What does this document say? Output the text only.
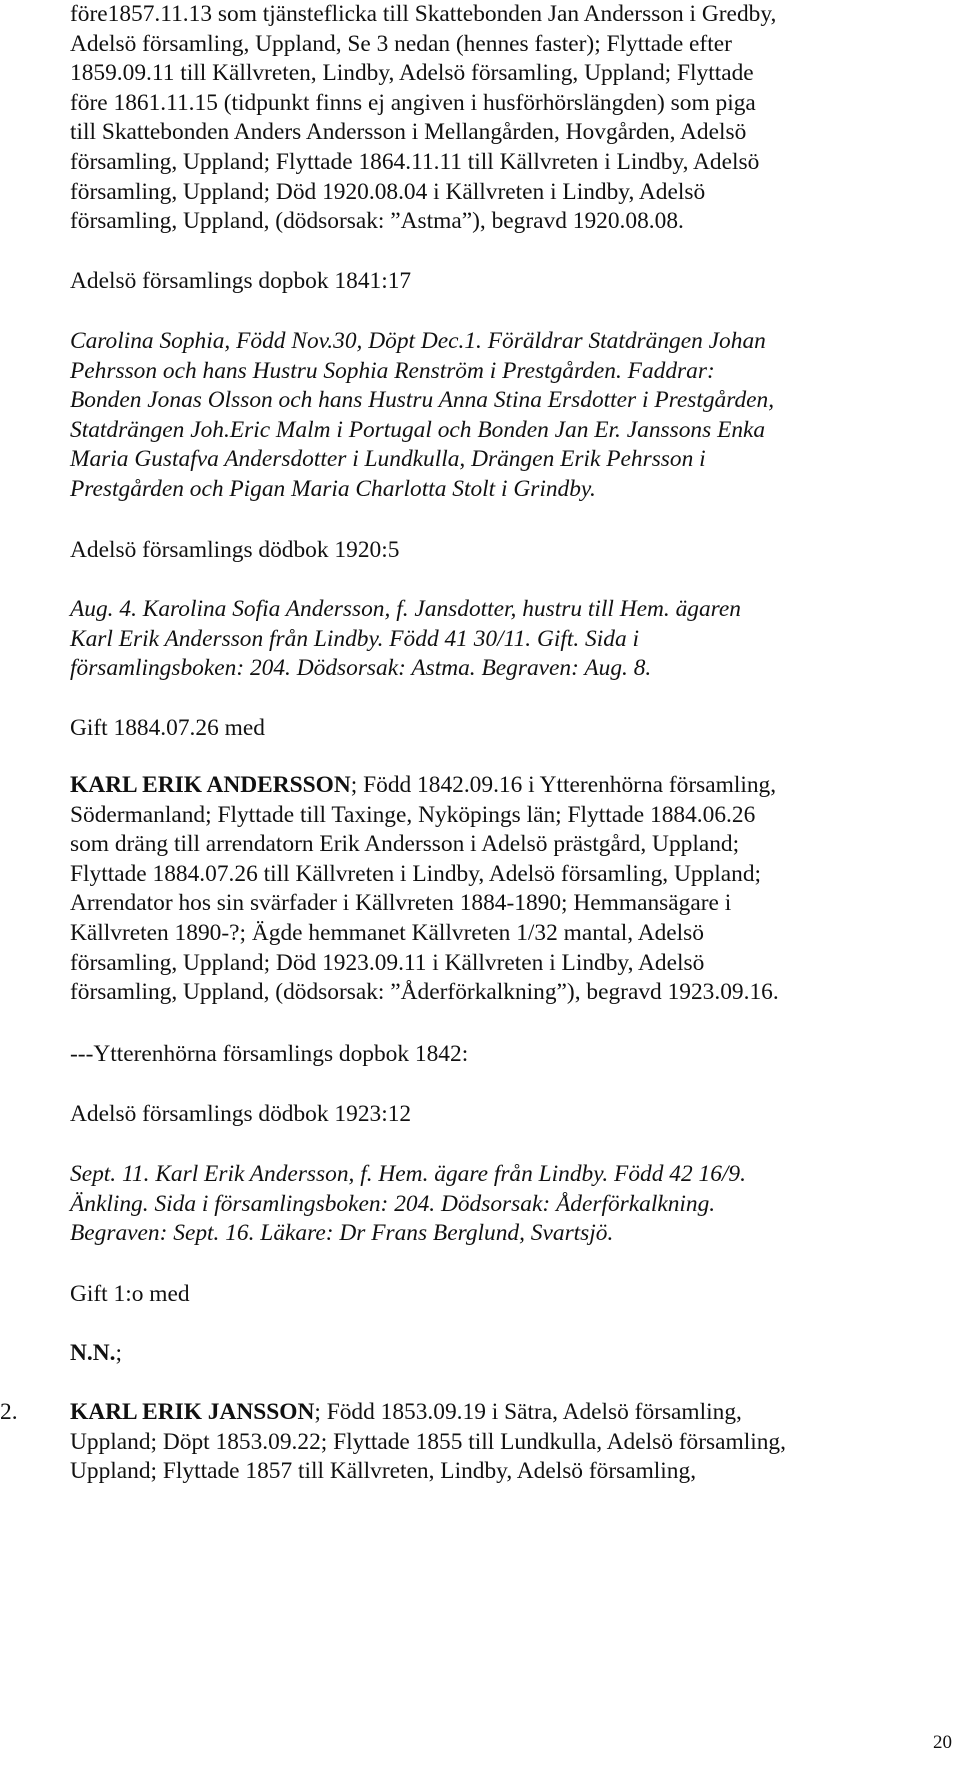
före1857.11.13 som tjänsteflicka till Skattebonden Jan Andersson i Gredby,
Adelsö församling, Uppland, Se 3 nedan (hennes faster); Flyttade efter
1859.09.11 till Källvreten, Lindby, Adelsö församling, Uppland; Flyttade
före 1861.11.15 (tidpunkt finns ej angiven i husförhörslängden) som piga
till Skattebonden Anders Andersson i Mellangården, Hovgården, Adelsö
församling, Uppland; Flyttade 1864.11.11 till Källvreten i Lindby, Adelsö
församling, Uppland; Död 1920.08.04 i Källvreten i Lindby, Adelsö
församling, Uppland, (dödsorsak: ”Astma”), begravd 1920.08.08.

Adelsö församlings dopbok 1841:17

Carolina Sophia, Född Nov.30, Döpt Dec.1. Föräldrar Statdrängen Johan
Pehrsson och hans Hustru Sophia Renström i Prestgården. Faddrar:
Bonden Jonas Olsson och hans Hustru Anna Stina Ersdotter i Prestgården,
Statdrängen Joh.Eric Malm i Portugal och Bonden Jan Er. Janssons Enka
Maria Gustafva Andersdotter i Lundkulla, Drängen Erik Pehrsson i
Prestgården och Pigan Maria Charlotta Stolt i Grindby.

Adelsö församlings dödbok 1920:5

Aug. 4. Karolina Sofia Andersson, f. Jansdotter, hustru till Hem. ägaren
Karl Erik Andersson från Lindby. Född 41 30/11. Gift. Sida i
församlingsboken: 204. Dödsorsak: Astma. Begraven: Aug. 8.

Gift 1884.07.26 med

KARL ERIK ANDERSSON; Född 1842.09.16 i Ytterenhörna församling,
Södermanland; Flyttade till Taxinge, Nyköpings län; Flyttade 1884.06.26
som dräng till arrendatorn Erik Andersson i Adelsö prästgård, Uppland;
Flyttade 1884.07.26 till Källvreten i Lindby, Adelsö församling, Uppland;
Arrendator hos sin svärfader i Källvreten 1884-1890; Hemmansägare i
Källvreten 1890-?; Ägde hemmanet Källvreten 1/32 mantal, Adelsö
församling, Uppland; Död 1923.09.11 i Källvreten i Lindby, Adelsö
församling, Uppland, (dödsorsak: ”Åderförkalkning”), begravd 1923.09.16.

---Ytterenhörna församlings dopbok 1842:

Adelsö församlings dödbok 1923:12

Sept. 11. Karl Erik Andersson, f. Hem. ägare från Lindby. Född 42 16/9.
Änkling. Sida i församlingsboken: 204. Dödsorsak: Åderförkalkning.
Begraven: Sept. 16. Läkare: Dr Frans Berglund, Svartsjö.

Gift 1:o med

N.N.;

2. KARL ERIK JANSSON; Född 1853.09.19 i Sätra, Adelsö församling,
Uppland; Döpt 1853.09.22; Flyttade 1855 till Lundkulla, Adelsö församling,
Uppland; Flyttade 1857 till Källvreten, Lindby, Adelsö församling,

20
